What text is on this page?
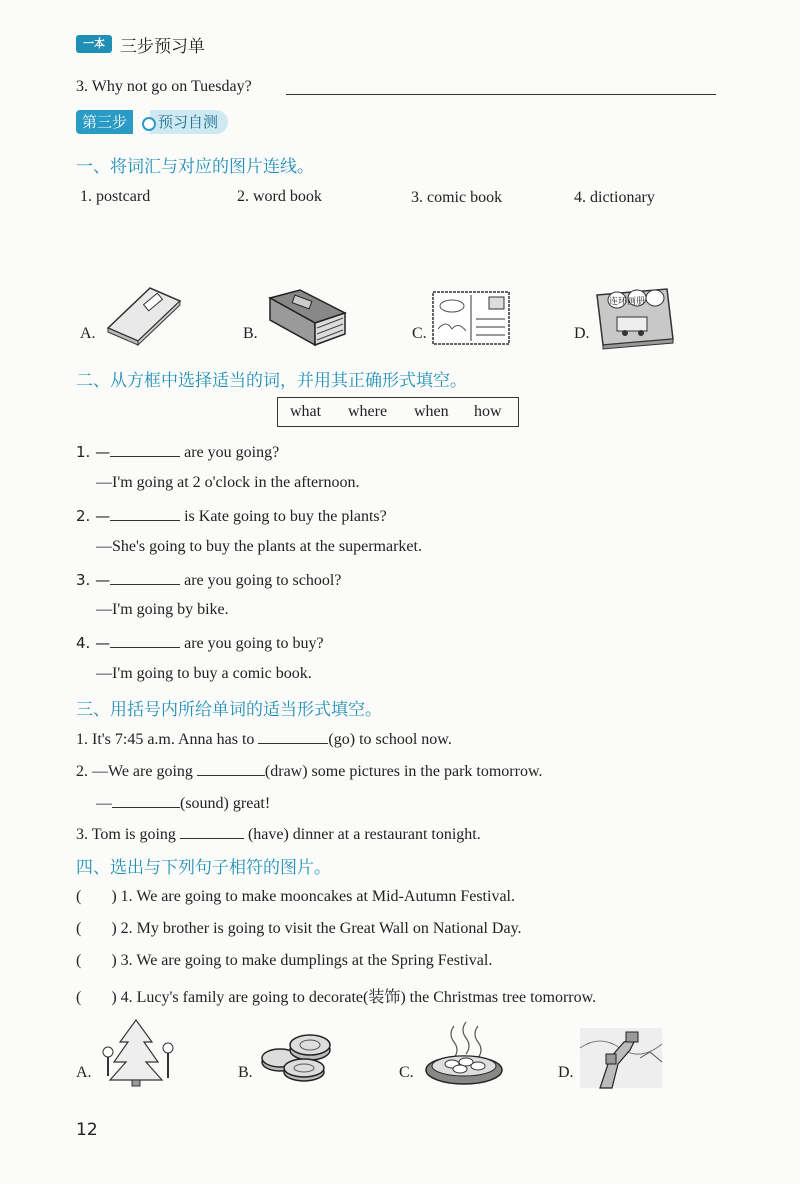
一本 三步预习单
3. Why not go on Tuesday?
第三步	预习自测
一、将词汇与对应的图片连线。
1. postcard	2. word book	3. comic book	4. dictionary
A.	B.	C.	D.
连环画册
二、从方框中选择适当的词，并用其正确形式填空。
what where when how
1. —	are you going?
—I'm going at 2 o'clock in the afternoon.
2. —	is Kate going to buy the plants?
—She's going to buy the plants at the supermarket.
3. —	are you going to school?
—I'm going by bike.
4. —	are you going to buy?
—I'm going to buy a comic book.
三、用括号内所给单词的适当形式填空。
1. It's 7:45 a.m. Anna has to	(go) to school now.
2. —We are going	(draw) some pictures in the park tomorrow.
—	(sound) great!
3. Tom is going	(have) dinner at a restaurant tonight.
四、选出与下列句子相符的图片。
( ) 1. We are going to make mooncakes at Mid-Autumn Festival.
( ) 2. My brother is going to visit the Great Wall on National Day.
( ) 3. We are going to make dumplings at the Spring Festival.
( ) 4. Lucy's family are going to decorate(装饰) the Christmas tree tomorrow.
A.	B.	C.	D.
12
